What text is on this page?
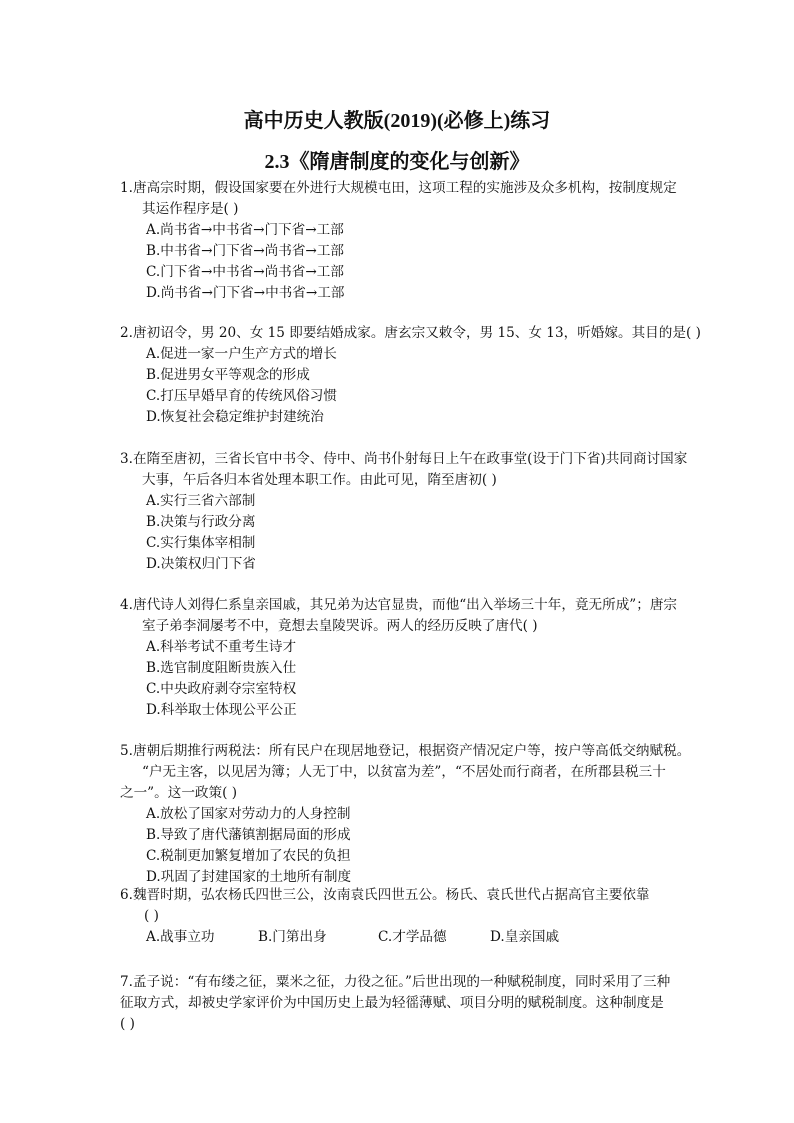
高中历史人教版(2019)(必修上)练习
2.3《隋唐制度的变化与创新》

1.唐高宗时期，假设国家要在外进行大规模屯田，这项工程的实施涉及众多机构，按制度规定
其运作程序是( )

A.尚书省→中书省→门下省→工部

B.中书省→门下省→尚书省→工部

C.门下省→中书省→尚书省→工部

D.尚书省→门下省→中书省→工部

2.唐初诏令，男 20、女 15 即要结婚成家。唐玄宗又敕令，男 15、女 13，听婚嫁。其目的是( )

A.促进一家一户生产方式的增长

B.促进男女平等观念的形成

C.打压早婚早育的传统风俗习惯

D.恢复社会稳定维护封建统治

3.在隋至唐初，三省长官中书令、侍中、尚书仆射每日上午在政事堂(设于门下省)共同商讨国家
大事，午后各归本省处理本职工作。由此可见，隋至唐初( )

A.实行三省六部制

B.决策与行政分离

C.实行集体宰相制

D.决策权归门下省

4.唐代诗人刘得仁系皇亲国戚，其兄弟为达官显贵，而他“出入举场三十年，竟无所成”；唐宗
室子弟李洞屡考不中，竟想去皇陵哭诉。两人的经历反映了唐代( )

A.科举考试不重考生诗才

B.选官制度阻断贵族入仕

C.中央政府剥夺宗室特权

D.科举取士体现公平公正

5.唐朝后期推行两税法：所有民户在现居地登记，根据资产情况定户等，按户等高低交纳赋税。
“户无主客，以见居为簿；人无丁中，以贫富为差”，“不居处而行商者，在所郡县税三十
之一”。这一政策( )

A.放松了国家对劳动力的人身控制

B.导致了唐代藩镇割据局面的形成

C.税制更加繁复增加了农民的负担

D.巩固了封建国家的土地所有制度

6.魏晋时期，弘农杨氏四世三公，汝南袁氏四世五公。杨氏、袁氏世代占据高官主要依靠
( )

A.战事立功	B.门第出身	C.才学品德	D.皇亲国戚

7.孟子说：“有布缕之征，粟米之征，力役之征。”后世出现的一种赋税制度，同时采用了三种
征取方式，却被史学家评价为中国历史上最为轻徭薄赋、项目分明的赋税制度。这种制度是
( )
